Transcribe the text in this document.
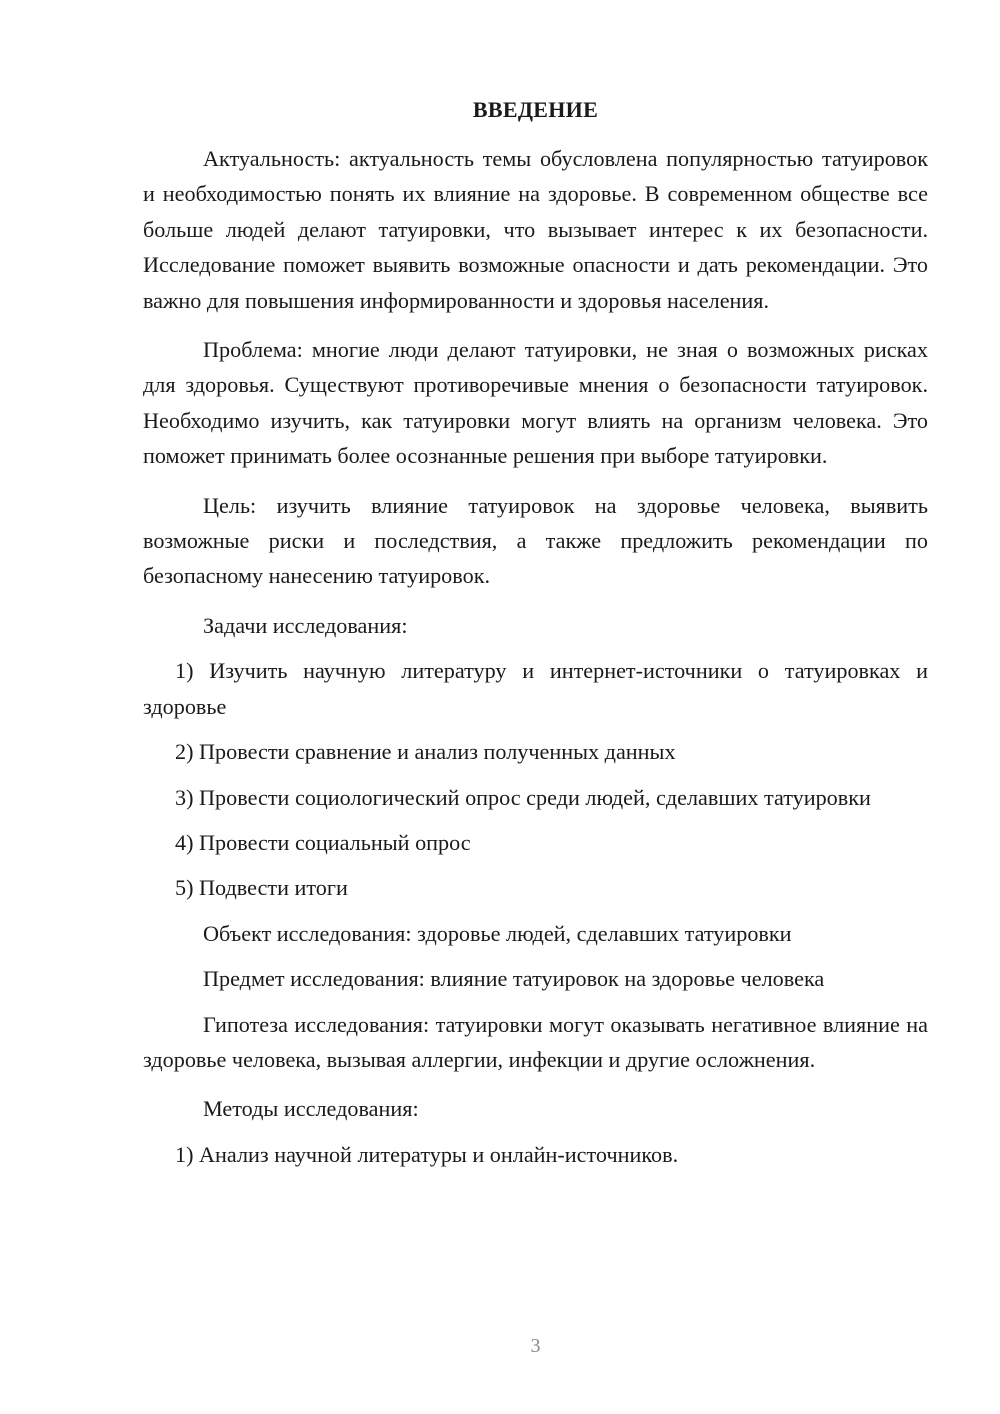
ВВЕДЕНИЕ

Актуальность: актуальность темы обусловлена популярностью татуировок и необходимостью понять их влияние на здоровье. В современном обществе все больше людей делают татуировки, что вызывает интерес к их безопасности. Исследование поможет выявить возможные опасности и дать рекомендации. Это важно для повышения информированности и здоровья населения.

Проблема: многие люди делают татуировки, не зная о возможных рисках для здоровья. Существуют противоречивые мнения о безопасности татуировок. Необходимо изучить, как татуировки могут влиять на организм человека. Это поможет принимать более осознанные решения при выборе татуировки.

Цель: изучить влияние татуировок на здоровье человека, выявить возможные риски и последствия, а также предложить рекомендации по безопасному нанесению татуировок.

Задачи исследования:

1) Изучить научную литературу и интернет-источники о татуировках и здоровье

2) Провести сравнение и анализ полученных данных

3) Провести социологический опрос среди людей, сделавших татуировки

4) Провести социальный опрос

5) Подвести итоги

Объект исследования: здоровье людей, сделавших татуировки

Предмет исследования: влияние татуировок на здоровье человека

Гипотеза исследования: татуировки могут оказывать негативное влияние на здоровье человека, вызывая аллергии, инфекции и другие осложнения.

Методы исследования:

1) Анализ научной литературы и онлайн-источников.

3
